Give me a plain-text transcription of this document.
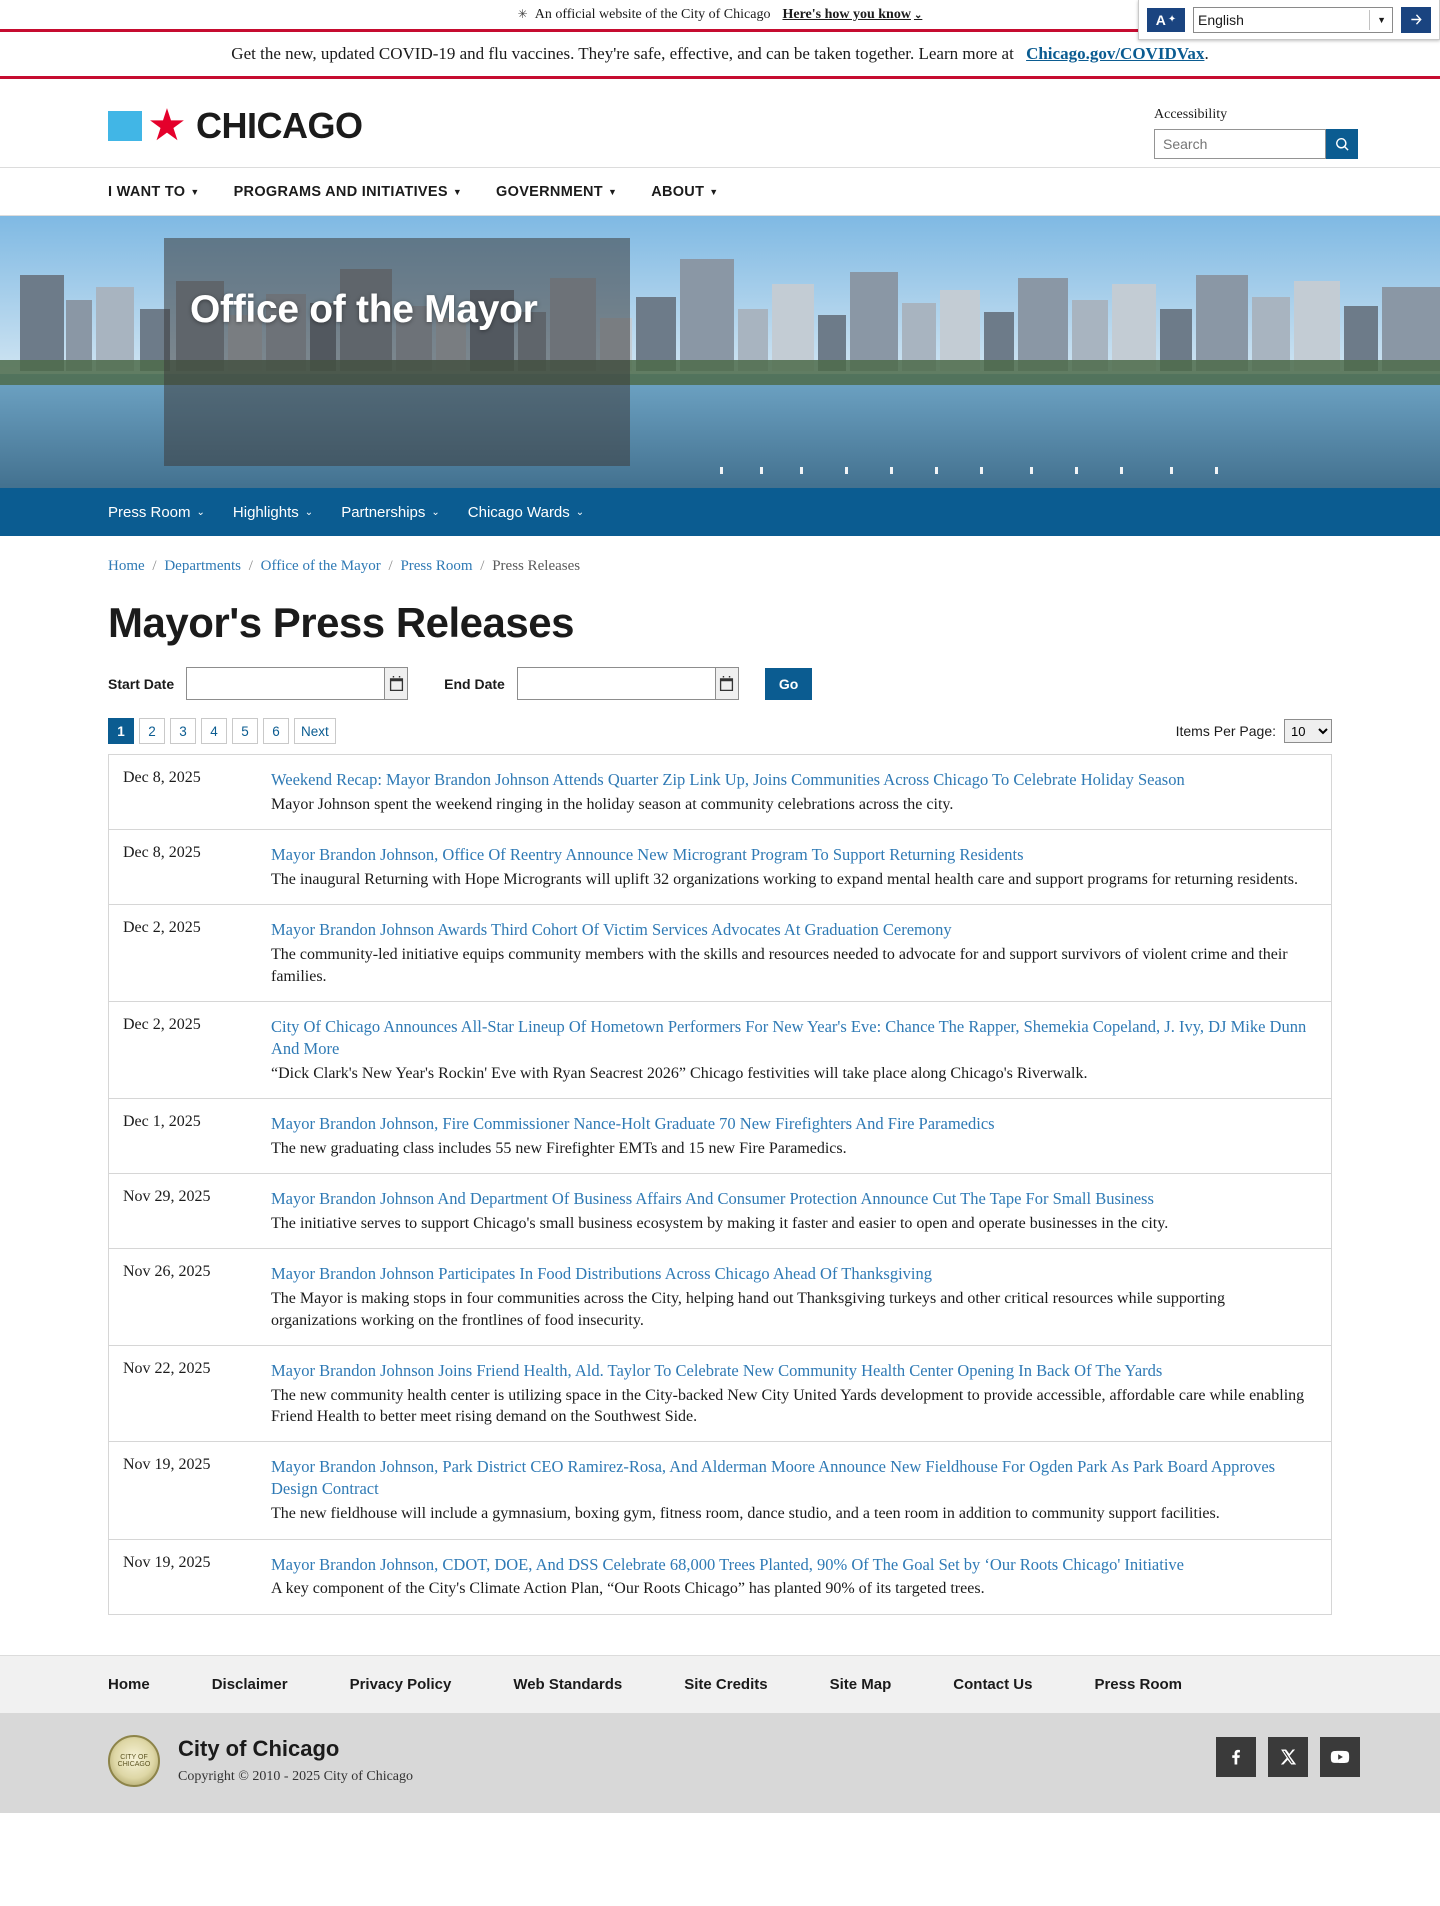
✳ An official website of the City of Chicago Here's how you know ⌄
Get the new, updated COVID-19 and flu vaccines. They're safe, effective, and can be taken together. Learn more at Chicago.gov/COVIDVax.
A ✦ English	▼
★ CHICAGO	Accessibility
Search
I WANT TO ▼ PROGRAMS AND INITIATIVES ▼ GOVERNMENT ▼ ABOUT ▼
Office of the Mayor
Press Room ⌄ Highlights ⌄ Partnerships ⌄ Chicago Wards ⌄
Home / Departments / Office of the Mayor / Press Room / Press Releases
Mayor's Press Releases
Start Date	End Date	Go
1	2	3	4	5	6	Next	Items Per Page:
10
Dec 8, 2025	Weekend Recap: Mayor Brandon Johnson Attends Quarter Zip Link Up, Joins Communities Across Chicago To Celebrate Holiday Season
Mayor Johnson spent the weekend ringing in the holiday season at community celebrations across the city.
Dec 8, 2025	Mayor Brandon Johnson, Office Of Reentry Announce New Microgrant Program To Support Returning Residents
The inaugural Returning with Hope Microgrants will uplift 32 organizations working to expand mental health care and support programs for returning residents.
Dec 2, 2025	Mayor Brandon Johnson Awards Third Cohort Of Victim Services Advocates At Graduation Ceremony
The community-led initiative equips community members with the skills and resources needed to advocate for and support survivors of violent crime and their families.
Dec 2, 2025	City Of Chicago Announces All-Star Lineup Of Hometown Performers For New Year's Eve: Chance The Rapper, Shemekia Copeland, J. Ivy, DJ Mike Dunn And More
“Dick Clark's New Year's Rockin' Eve with Ryan Seacrest 2026” Chicago festivities will take place along Chicago's Riverwalk.
Dec 1, 2025	Mayor Brandon Johnson, Fire Commissioner Nance-Holt Graduate 70 New Firefighters And Fire Paramedics
The new graduating class includes 55 new Firefighter EMTs and 15 new Fire Paramedics.
Nov 29, 2025	Mayor Brandon Johnson And Department Of Business Affairs And Consumer Protection Announce Cut The Tape For Small Business
The initiative serves to support Chicago's small business ecosystem by making it faster and easier to open and operate businesses in the city.
Nov 26, 2025	Mayor Brandon Johnson Participates In Food Distributions Across Chicago Ahead Of Thanksgiving
The Mayor is making stops in four communities across the City, helping hand out Thanksgiving turkeys and other critical resources while supporting organizations working on the frontlines of food insecurity.
Nov 22, 2025	Mayor Brandon Johnson Joins Friend Health, Ald. Taylor To Celebrate New Community Health Center Opening In Back Of The Yards
The new community health center is utilizing space in the City-backed New City United Yards development to provide accessible, affordable care while enabling Friend Health to better meet rising demand on the Southwest Side.
Nov 19, 2025	Mayor Brandon Johnson, Park District CEO Ramirez-Rosa, And Alderman Moore Announce New Fieldhouse For Ogden Park As Park Board Approves Design Contract
The new fieldhouse will include a gymnasium, boxing gym, fitness room, dance studio, and a teen room in addition to community support facilities.
Nov 19, 2025	Mayor Brandon Johnson, CDOT, DOE, And DSS Celebrate 68,000 Trees Planted, 90% Of The Goal Set by ‘Our Roots Chicago' Initiative
A key component of the City's Climate Action Plan, “Our Roots Chicago” has planted 90% of its targeted trees.
Home	Disclaimer	Privacy Policy	Web Standards	Site Credits	Site Map	Contact Us	Press Room
CITY OF CHICAGO
City of Chicago
Copyright © 2010 - 2025 City of Chicago
